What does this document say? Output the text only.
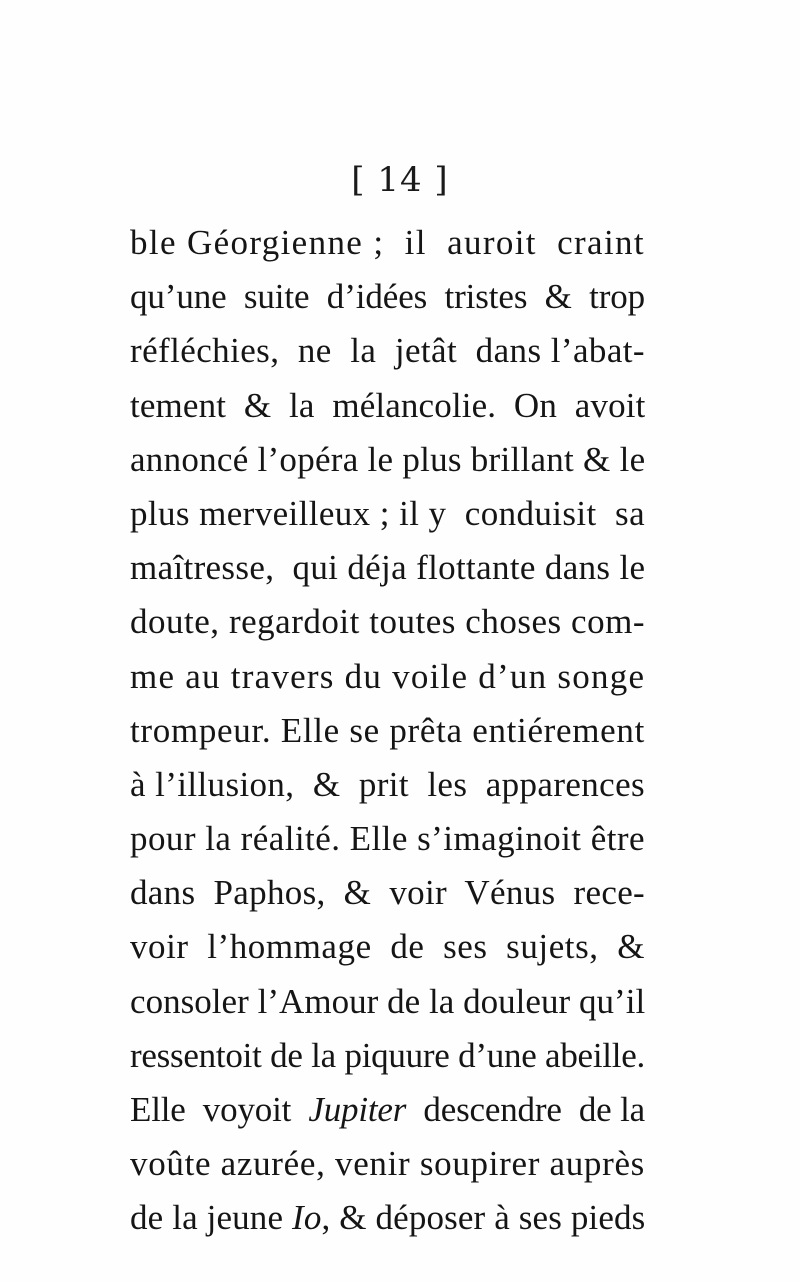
[ 14 ]
ble Géorgienne ;  il  auroit  craint
qu’une  suite  d’idées  tristes  &  trop
réfléchies,  ne  la  jetât  dans l’abat-
tement  &  la  mélancolie.  On  avoit
annoncé l’opéra le plus brillant & le
plus merveilleux ; il y  conduisit  sa
maîtresse,  qui déja flottante dans le
doute, regardoit toutes choses com-
me au travers du voile d’un songe
trompeur. Elle se prêta entiérement
à l’illusion,  &  prit  les  apparences
pour la réalité. Elle s’imaginoit être
dans  Paphos,  &  voir  Vénus  rece-
voir  l’hommage  de  ses  sujets,  &
consoler l’Amour de la douleur qu’il
ressentoit de la piquure d’une abeille.
Elle  voyoit  Jupiter  descendre  de la
voûte azurée, venir soupirer auprès
de la jeune Io, & déposer à ses pieds
